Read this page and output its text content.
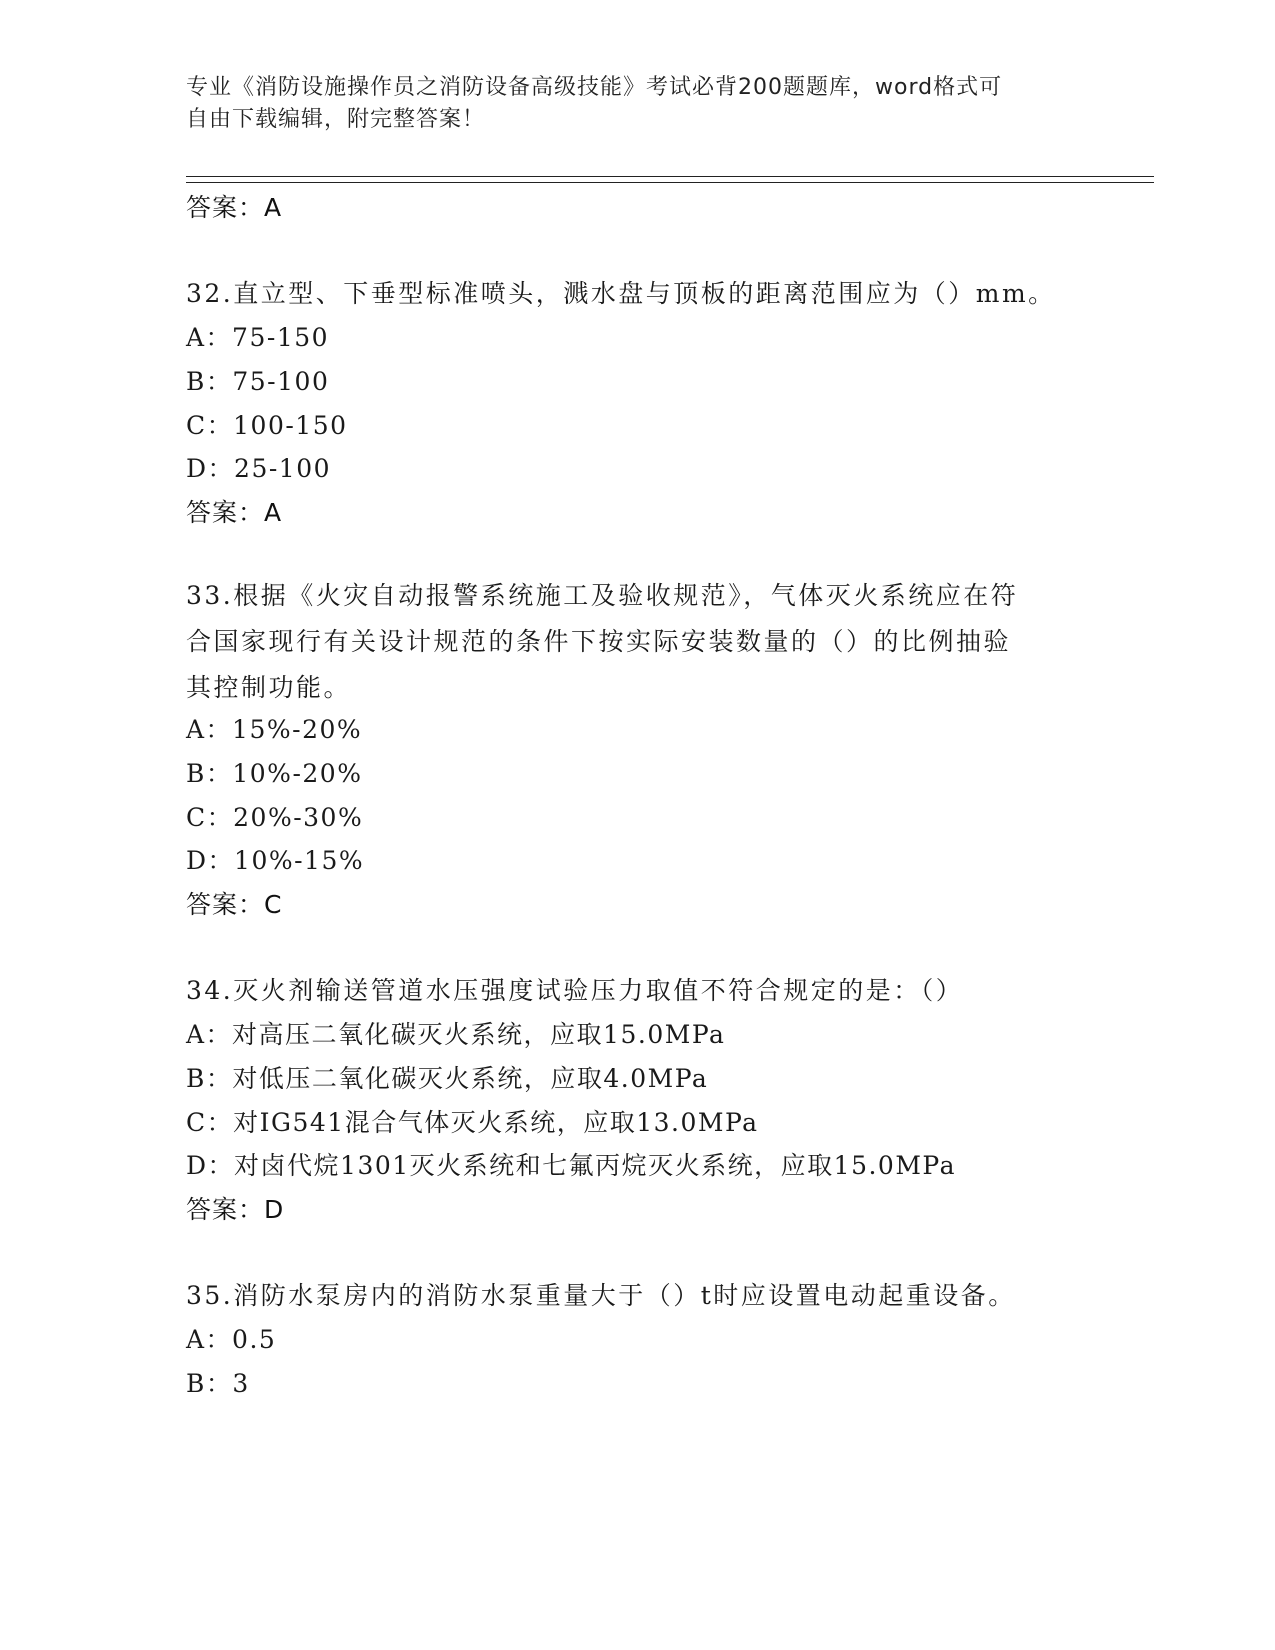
专业《消防设施操作员之消防设备高级技能》考试必背200题题库，word格式可
自由下载编辑，附完整答案！
答案：A
32.直立型、下垂型标准喷头，溅水盘与顶板的距离范围应为（）mm。
A：75-150
B：75-100
C：100-150
D：25-100
答案：A
33.根据《火灾自动报警系统施工及验收规范》，气体灭火系统应在符
合国家现行有关设计规范的条件下按实际安装数量的（）的比例抽验
其控制功能。
A：15%-20%
B：10%-20%
C：20%-30%
D：10%-15%
答案：C
34.灭火剂输送管道水压强度试验压力取值不符合规定的是：（）
A：对高压二氧化碳灭火系统，应取15.0MPa
B：对低压二氧化碳灭火系统，应取4.0MPa
C：对IG541混合气体灭火系统，应取13.0MPa
D：对卤代烷1301灭火系统和七氟丙烷灭火系统，应取15.0MPa
答案：D
35.消防水泵房内的消防水泵重量大于（）t时应设置电动起重设备。
A：0.5
B：3
